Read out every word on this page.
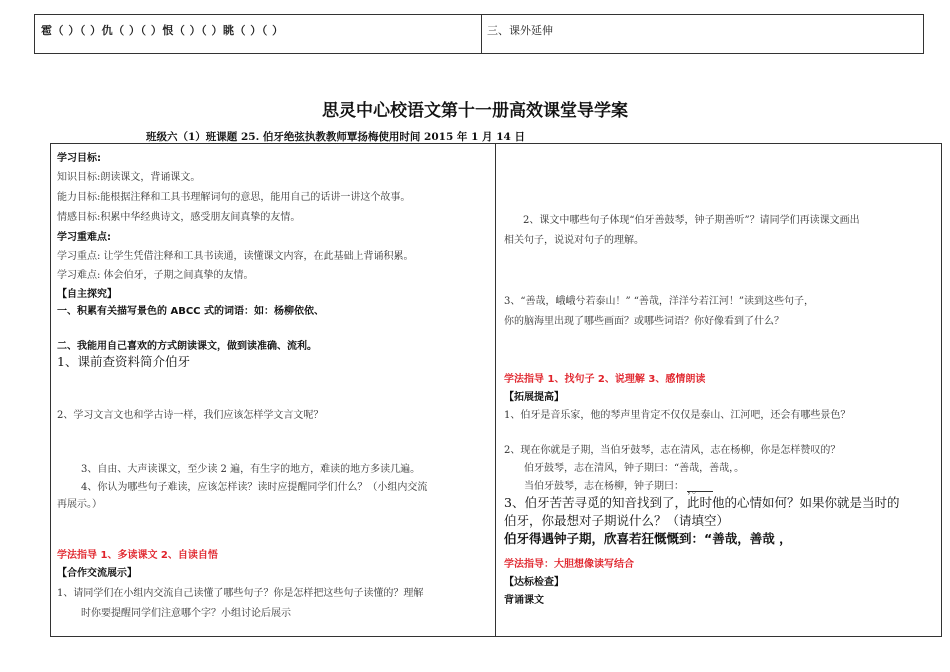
雹（ ）（ ）仇（ ）（ ）恨（ ）（ ）眺（ ）（ ）	三、课外延伸
思灵中心校语文第十一册高效课堂导学案
班级六（1）班课题 25. 伯牙绝弦执教教师覃扬梅使用时间 2015 年 1 月 14 日
学习目标:
知识目标:朗读课文，背诵课文。
能力目标:能根据注释和工具书理解词句的意思，能用自己的话讲一讲这个故事。
情感目标:积累中华经典诗文，感受朋友间真挚的友情。
学习重难点:
学习重点: 让学生凭借注释和工具书读通，读懂课文内容，在此基础上背诵积累。
学习难点: 体会伯牙，子期之间真挚的友情。
【自主探究】
一、积累有关描写景色的 ABCC 式的词语：如：杨柳依依、
二、我能用自己喜欢的方式朗读课文，做到读准确、流利。
1、课前查资料简介伯牙
2、学习文言文也和学古诗一样，我们应该怎样学文言文呢？
3、自由、大声读课文，至少读 2 遍，有生字的地方，难读的地方多读几遍。
4、你认为哪些句子难读，应该怎样读？读时应提醒同学们什么？（小组内交流
再展示。）
学法指导 1、多读课文 2、自读自悟
【合作交流展示】
1、请同学们在小组内交流自己读懂了哪些句子？你是怎样把这些句子读懂的？理解
时你要提醒同学们注意哪个字？小组讨论后展示
2、课文中哪些句子体现“伯牙善鼓琴，钟子期善听”？请同学们再读课文画出
相关句子，说说对句子的理解。
3、“善哉，峨峨兮若泰山！” “善哉，洋洋兮若江河！”读到这些句子，
你的脑海里出现了哪些画面？或哪些词语？你好像看到了什么？
学法指导 1、找句子 2、说理解 3、感情朗读
【拓展提高】
1、伯牙是音乐家，他的琴声里肯定不仅仅是泰山、江河吧，还会有哪些景色？
2、现在你就是子期，当伯牙鼓琴，志在清风，志在杨柳，你是怎样赞叹的？
伯牙鼓琴，志在清风，钟子期曰：“善哉，善哉，。
当伯牙鼓琴，志在杨柳，钟子期曰： ，。
3、伯牙苦苦寻觅的知音找到了，此时他的心情如何？如果你就是当时的
伯牙，你最想对子期说什么？（请填空）
伯牙得遇钟子期，欣喜若狂慨慨到：“善哉，善哉 ，
学法指导：大胆想像读写结合
【达标检查】
背诵课文
